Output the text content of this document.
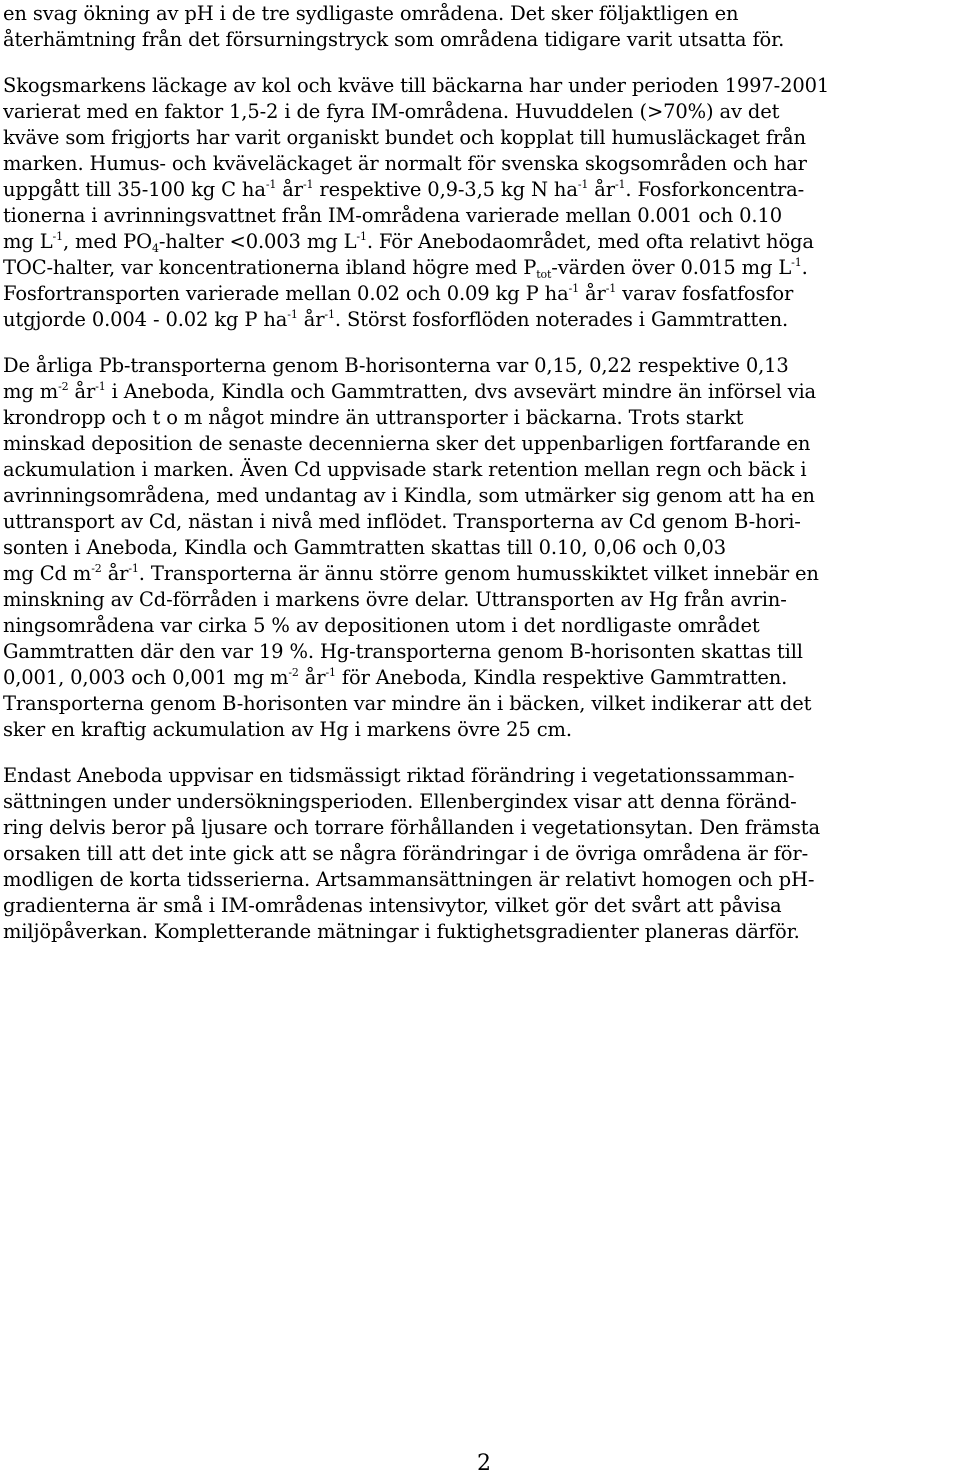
en svag ökning av pH i de tre sydligaste områdena. Det sker följaktligen en
återhämtning från det försurningstryck som områdena tidigare varit utsatta för.
Skogsmarkens läckage av kol och kväve till bäckarna har under perioden 1997-2001
varierat med en faktor 1,5-2 i de fyra IM-områdena. Huvuddelen (>70%) av det
kväve som frigjorts har varit organiskt bundet och kopplat till humusläckaget från
marken. Humus- och kväveläckaget är normalt för svenska skogsområden och har
uppgått till 35-100 kg C $ha^{-1}$ $år^{-1}$ respektive 0,9-3,5 kg N $ha^{-1}$ $år^{-1}$. Fosforkoncentra-
tionerna i avrinningsvattnet från IM-områdena varierade mellan 0.001 och 0.10
mg $L^{-1}$, med $PO_4$-halter <0.003 mg $L^{-1}$. För Anebodaområdet, med ofta relativt höga
TOC-halter, var koncentrationerna ibland högre med $P_{tot}$-värden över 0.015 mg $L^{-1}$.
Fosfortransporten varierade mellan 0.02 och 0.09 kg P $ha^{-1}$ $år^{-1}$ varav fosfatfosfor
utgjorde 0.004 - 0.02 kg P $ha^{-1}$ $år^{-1}$. Störst fosforflöden noterades i Gammtratten.
De årliga Pb-transporterna genom B-horisonterna var 0,15, 0,22 respektive 0,13
mg $m^{-2}$ $år^{-1}$ i Aneboda, Kindla och Gammtratten, dvs avsevärt mindre än införsel via
krondropp och t o m något mindre än uttransporter i bäckarna. Trots starkt
minskad deposition de senaste decennierna sker det uppenbarligen fortfarande en
ackumulation i marken. Även Cd uppvisade stark retention mellan regn och bäck i
avrinningsområdena, med undantag av i Kindla, som utmärker sig genom att ha en
uttransport av Cd, nästan i nivå med inflödet. Transporterna av Cd genom B-hori-
sonten i Aneboda, Kindla och Gammtratten skattas till 0.10, 0,06 och 0,03
mg Cd $m^{-2}$ $år^{-1}$. Transporterna är ännu större genom humusskiktet vilket innebär en
minskning av Cd-förråden i markens övre delar. Uttransporten av Hg från avrin-
ningsområdena var cirka 5 % av depositionen utom i det nordligaste området
Gammtratten där den var 19 %. Hg-transporterna genom B-horisonten skattas till
0,001, 0,003 och 0,001 mg $m^{-2}$ $år^{-1}$ för Aneboda, Kindla respektive Gammtratten.
Transporterna genom B-horisonten var mindre än i bäcken, vilket indikerar att det
sker en kraftig ackumulation av Hg i markens övre 25 cm.
Endast Aneboda uppvisar en tidsmässigt riktad förändring i vegetationssamman-
sättningen under undersökningsperioden. Ellenbergindex visar att denna föränd-
ring delvis beror på ljusare och torrare förhållanden i vegetationsytan. Den främsta
orsaken till att det inte gick att se några förändringar i de övriga områdena är för-
modligen de korta tidsserierna. Artsammansättningen är relativt homogen och pH-
gradienterna är små i IM-områdenas intensivytor, vilket gör det svårt att påvisa
miljöpåverkan. Kompletterande mätningar i fuktighetsgradienter planeras därför.
2
